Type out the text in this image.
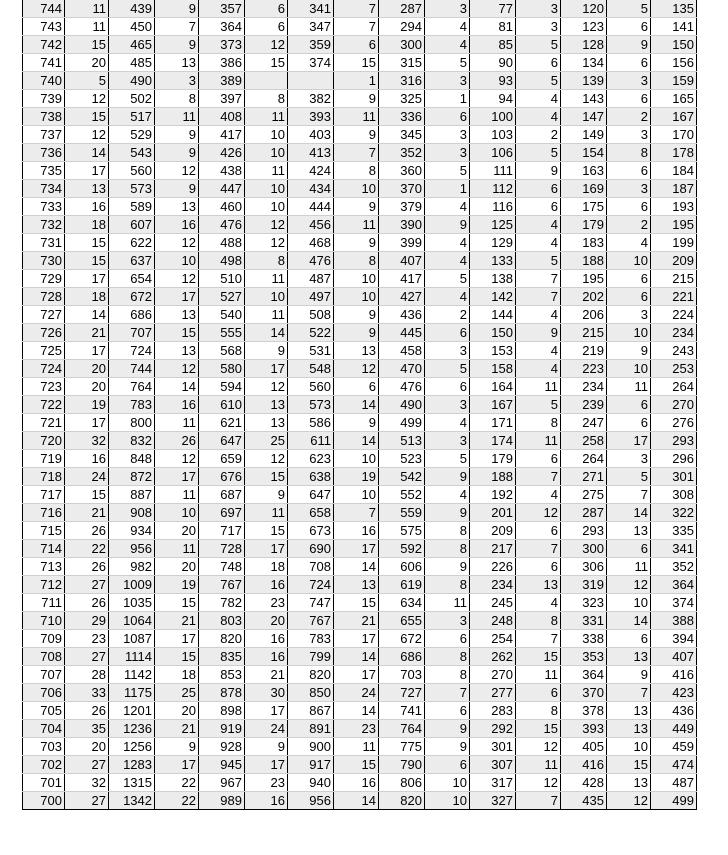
744	11	439	9	357	6	341	7	287	3	77	3	120	5	135
743	11	450	7	364	6	347	7	294	4	81	3	123	6	141
742	15	465	9	373	12	359	6	300	4	85	5	128	9	150
741	20	485	13	386	15	374	15	315	5	90	6	134	6	156
740	5	490	3	389			1	316	3	93	5	139	3	159
739	12	502	8	397	8	382	9	325	1	94	4	143	6	165
738	15	517	11	408	11	393	11	336	6	100	4	147	2	167
737	12	529	9	417	10	403	9	345	3	103	2	149	3	170
736	14	543	9	426	10	413	7	352	3	106	5	154	8	178
735	17	560	12	438	11	424	8	360	5	111	9	163	6	184
734	13	573	9	447	10	434	10	370	1	112	6	169	3	187
733	16	589	13	460	10	444	9	379	4	116	6	175	6	193
732	18	607	16	476	12	456	11	390	9	125	4	179	2	195
731	15	622	12	488	12	468	9	399	4	129	4	183	4	199
730	15	637	10	498	8	476	8	407	4	133	5	188	10	209
729	17	654	12	510	11	487	10	417	5	138	7	195	6	215
728	18	672	17	527	10	497	10	427	4	142	7	202	6	221
727	14	686	13	540	11	508	9	436	2	144	4	206	3	224
726	21	707	15	555	14	522	9	445	6	150	9	215	10	234
725	17	724	13	568	9	531	13	458	3	153	4	219	9	243
724	20	744	12	580	17	548	12	470	5	158	4	223	10	253
723	20	764	14	594	12	560	6	476	6	164	11	234	11	264
722	19	783	16	610	13	573	14	490	3	167	5	239	6	270
721	17	800	11	621	13	586	9	499	4	171	8	247	6	276
720	32	832	26	647	25	611	14	513	3	174	11	258	17	293
719	16	848	12	659	12	623	10	523	5	179	6	264	3	296
718	24	872	17	676	15	638	19	542	9	188	7	271	5	301
717	15	887	11	687	9	647	10	552	4	192	4	275	7	308
716	21	908	10	697	11	658	7	559	9	201	12	287	14	322
715	26	934	20	717	15	673	16	575	8	209	6	293	13	335
714	22	956	11	728	17	690	17	592	8	217	7	300	6	341
713	26	982	20	748	18	708	14	606	9	226	6	306	11	352
712	27	1009	19	767	16	724	13	619	8	234	13	319	12	364
711	26	1035	15	782	23	747	15	634	11	245	4	323	10	374
710	29	1064	21	803	20	767	21	655	3	248	8	331	14	388
709	23	1087	17	820	16	783	17	672	6	254	7	338	6	394
708	27	1114	15	835	16	799	14	686	8	262	15	353	13	407
707	28	1142	18	853	21	820	17	703	8	270	11	364	9	416
706	33	1175	25	878	30	850	24	727	7	277	6	370	7	423
705	26	1201	20	898	17	867	14	741	6	283	8	378	13	436
704	35	1236	21	919	24	891	23	764	9	292	15	393	13	449
703	20	1256	9	928	9	900	11	775	9	301	12	405	10	459
702	27	1283	17	945	17	917	15	790	6	307	11	416	15	474
701	32	1315	22	967	23	940	16	806	10	317	12	428	13	487
700	27	1342	22	989	16	956	14	820	10	327	7	435	12	499
